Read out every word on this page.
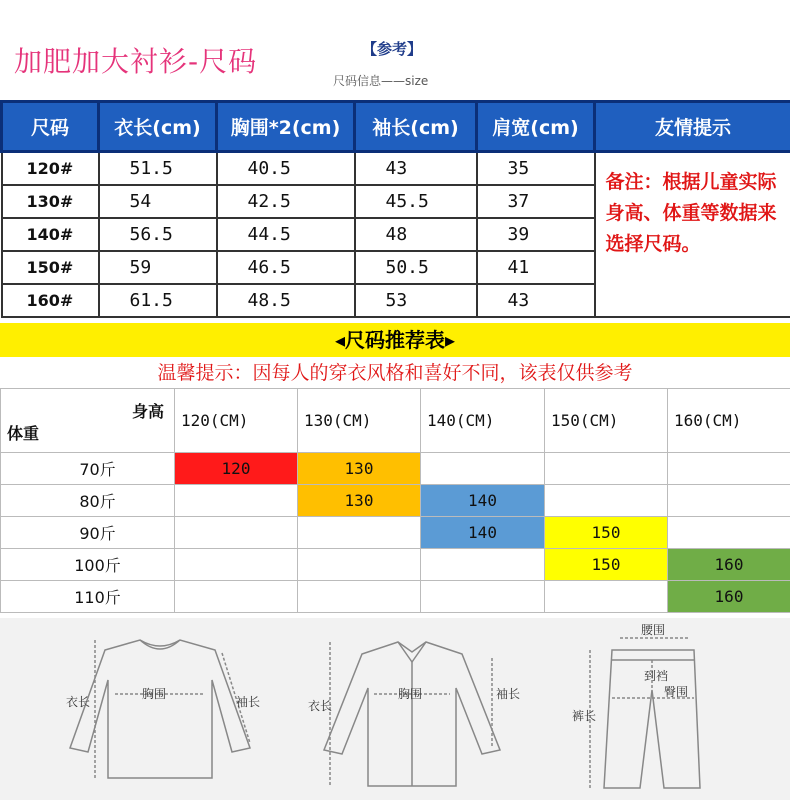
加肥加大衬衫-尺码	【参考】
尺码信息——size
尺码	衣长(cm)	胸围*2(cm)	袖长(cm)	肩宽(cm)	友情提示
120#	51.5	40.5	43	35	备注：根据儿童实际身高、体重等数据来选择尺码。
130#	54	42.5	45.5	37	
140#	56.5	44.5	48	39	
150#	59	46.5	50.5	41	
160#	61.5	48.5	53	43	
◂尺码推荐表▸
温馨提示：因每人的穿衣风格和喜好不同，该表仅供参考
身高
体重	120(CM)	130(CM)	140(CM)	150(CM)	160(CM)
70斤	120	130			
80斤		130	140		
90斤			140	150	
100斤				150	160
110斤					160
衣长
胸围
袖长	衣长
胸围	袖长
腰围
到裆
臀围
裤长
